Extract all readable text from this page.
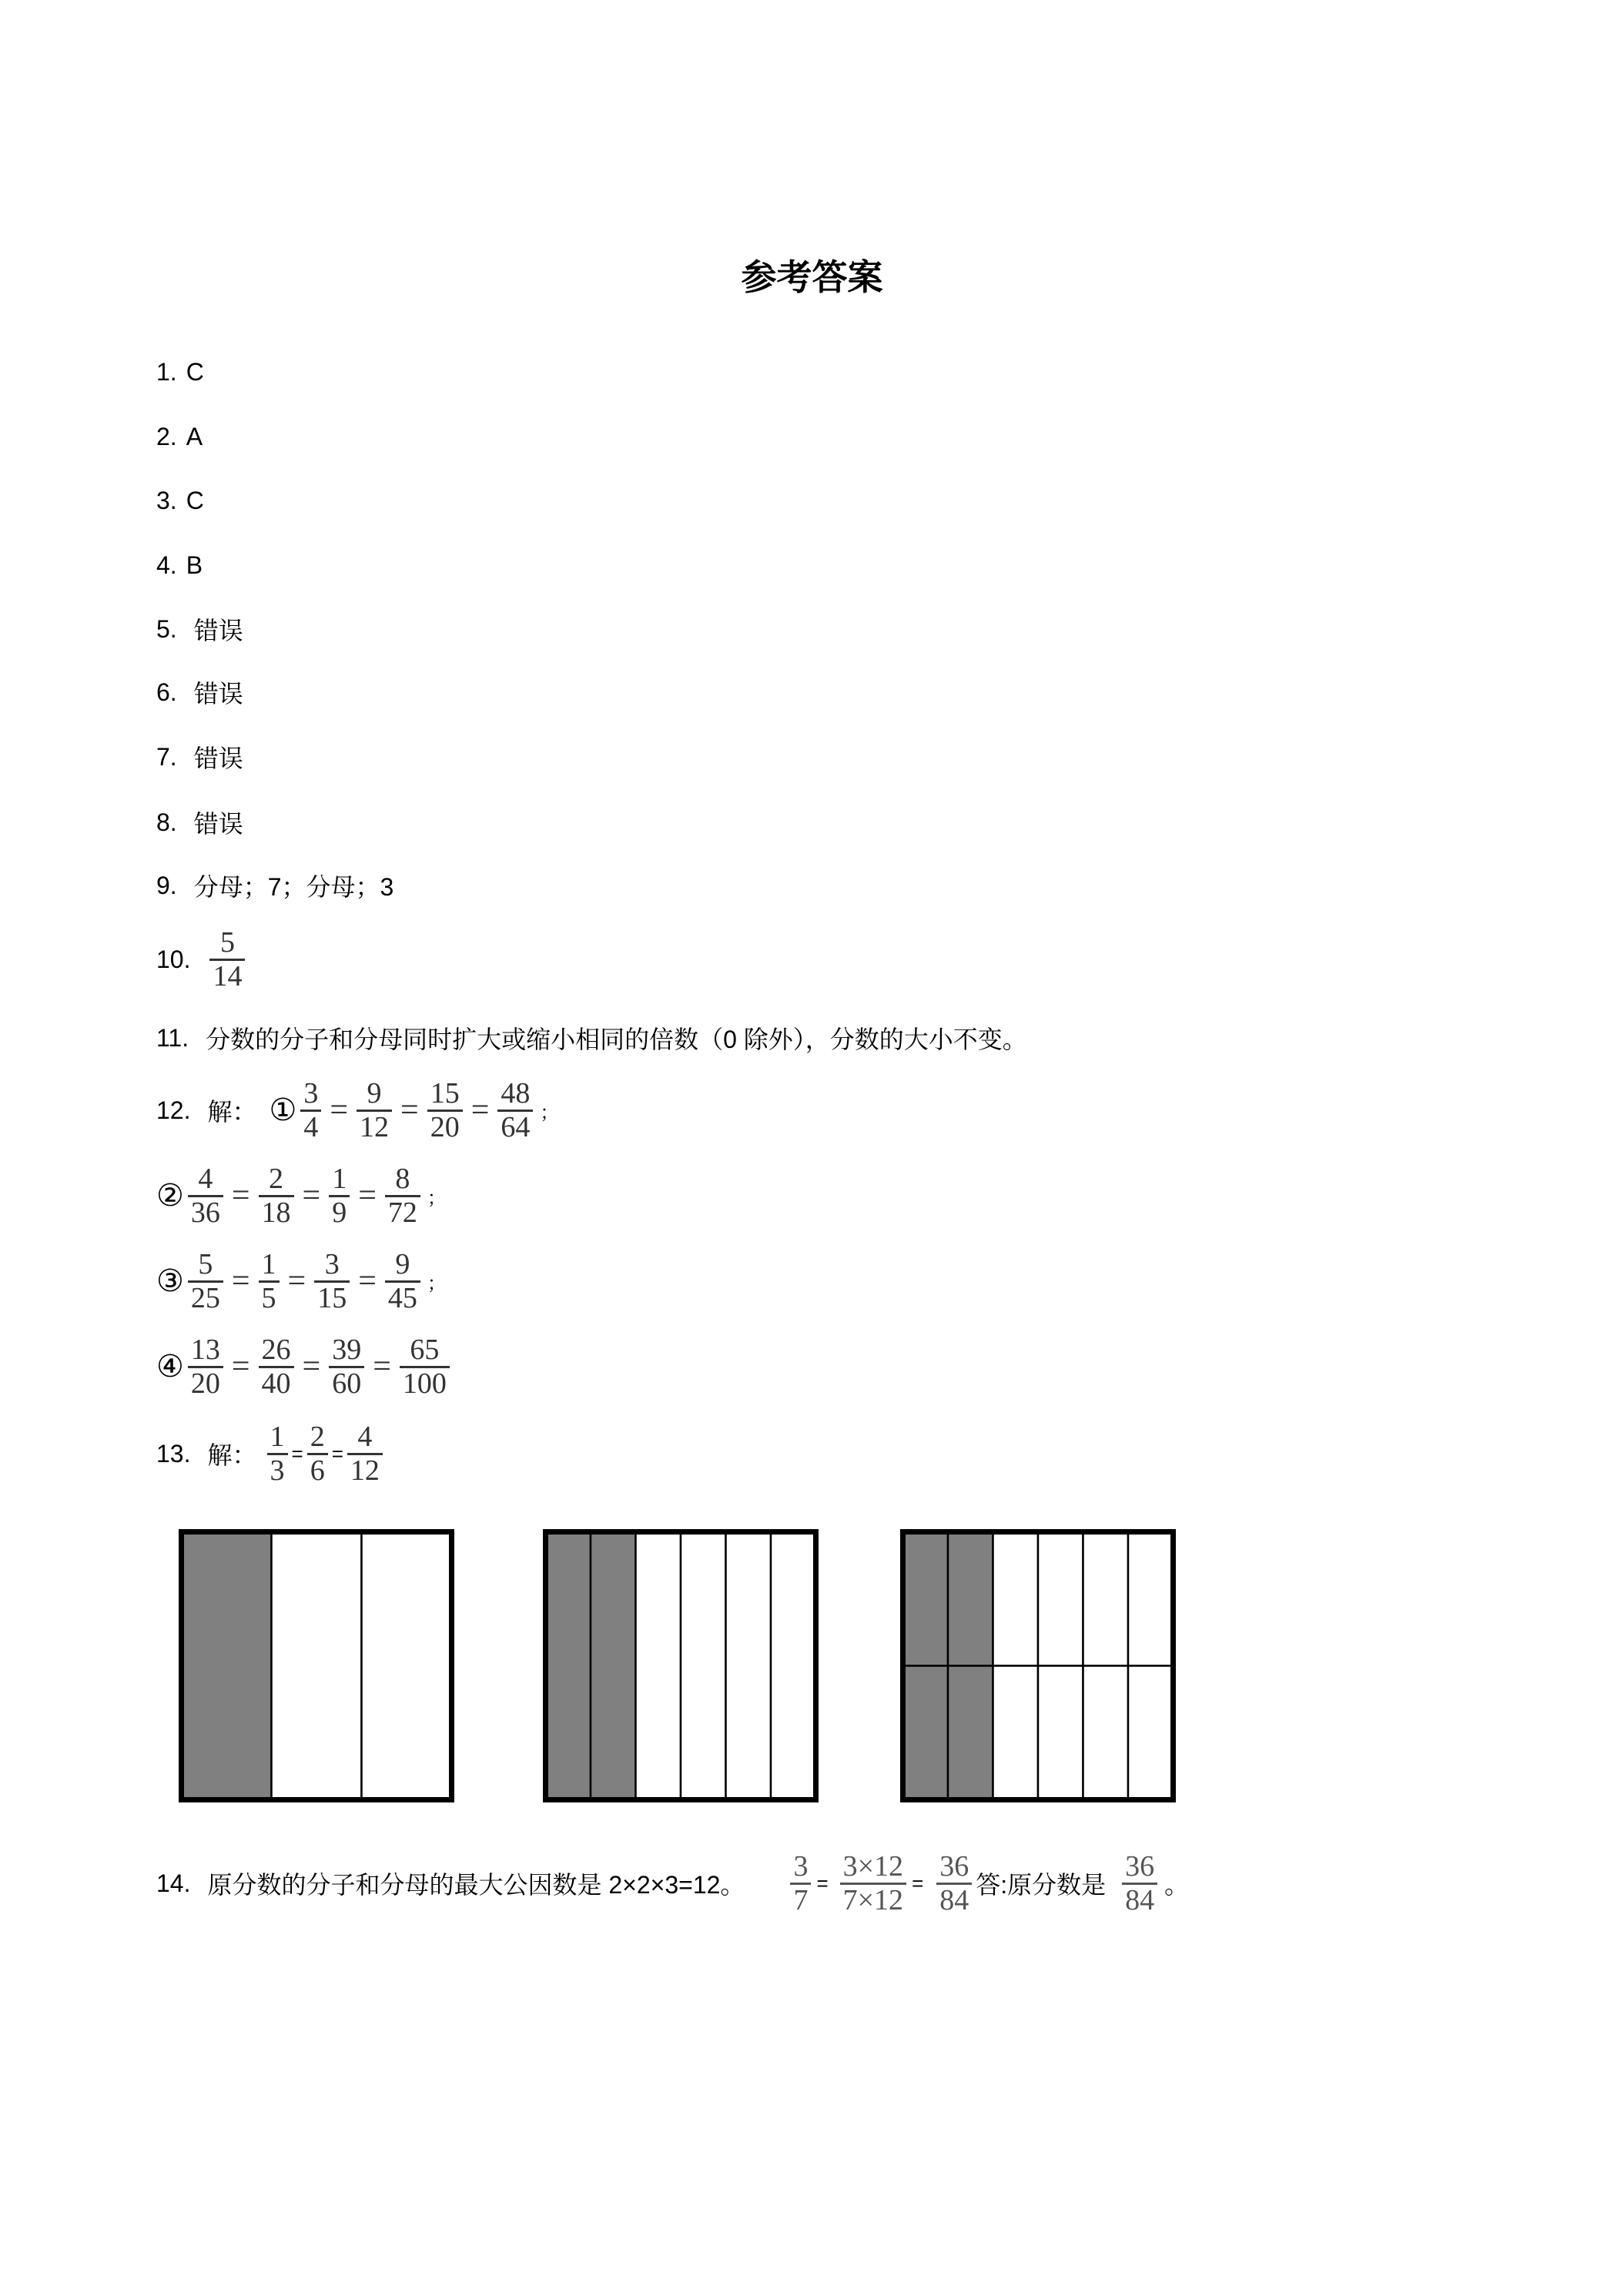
参考答案
1. C
2. A
3. C
4. B
5. 错误
6. 错误
7. 错误
8. 错误
9. 分母；7；分母；3
10. $\frac{5}{14}$
11. 分数的分子和分母同时扩大或缩小相同的倍数（0 除外），分数的大小不变。
12. 解： ① $\frac{3}{4} = \frac{9}{12} = \frac{15}{20} = \frac{48}{64}$ ；
② $\frac{4}{36} = \frac{2}{18} = \frac{1}{9} = \frac{8}{72}$ ；
③ $\frac{5}{25} = \frac{1}{5} = \frac{3}{15} = \frac{9}{45}$ ；
④ $\frac{13}{20} = \frac{26}{40} = \frac{39}{60} = \frac{65}{100}$
13. 解： $\frac{1}{3} = \frac{2}{6} = \frac{4}{12}$
14. 原分数的分子和分母的最大公因数是 2×2×3=12。 $\frac{3}{7} = \frac{3\times 12}{7\times 12} = \frac{36}{84}$ 答:原分数是 $\frac{36}{84}$ 。
